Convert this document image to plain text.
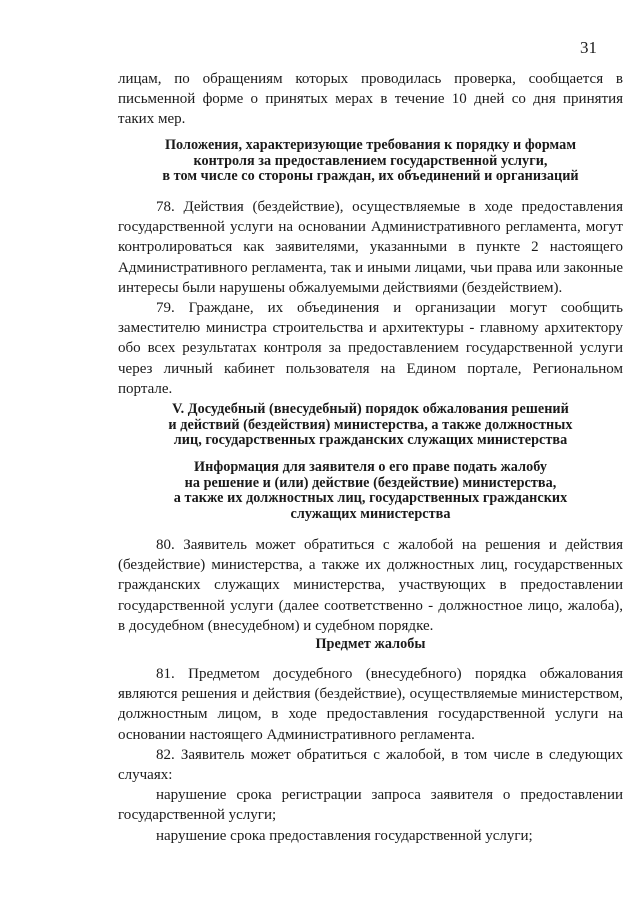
31

лицам, по обращениям которых проводилась проверка, сообщается в письменной форме о принятых мерах в течение 10 дней со дня принятия таких мер.

Положения, характеризующие требования к порядку и формам
контроля за предоставлением государственной услуги,
в том числе со стороны граждан, их объединений и организаций

78. Действия (бездействие), осуществляемые в ходе предоставления государственной услуги на основании Административного регламента, могут контролироваться как заявителями, указанными в пункте 2 настоящего Административного регламента, так и иными лицами, чьи права или законные интересы были нарушены обжалуемыми действиями (бездействием).

79. Граждане, их объединения и организации могут сообщить заместителю министра строительства и архитектуры - главному архитектору обо всех результатах контроля за предоставлением государственной услуги через личный кабинет пользователя на Едином портале, Региональном портале.

V. Досудебный (внесудебный) порядок обжалования решений
и действий (бездействия) министерства, а также должностных
лиц, государственных гражданских служащих министерства
Информация для заявителя о его праве подать жалобу
на решение и (или) действие (бездействие) министерства,
а также их должностных лиц, государственных гражданских
служащих министерства

80. Заявитель может обратиться с жалобой на решения и действия (бездействие) министерства, а также их должностных лиц, государственных гражданских служащих министерства, участвующих в предоставлении государственной услуги (далее соответственно - должностное лицо, жалоба), в досудебном (внесудебном) и судебном порядке.

Предмет жалобы

81. Предметом досудебного (внесудебного) порядка обжалования являются решения и действия (бездействие), осуществляемые министерством, должностным лицом, в ходе предоставления государственной услуги на основании настоящего Административного регламента.

82. Заявитель может обратиться с жалобой, в том числе в следующих случаях:

нарушение срока регистрации запроса заявителя о предоставлении государственной услуги;

нарушение срока предоставления государственной услуги;
